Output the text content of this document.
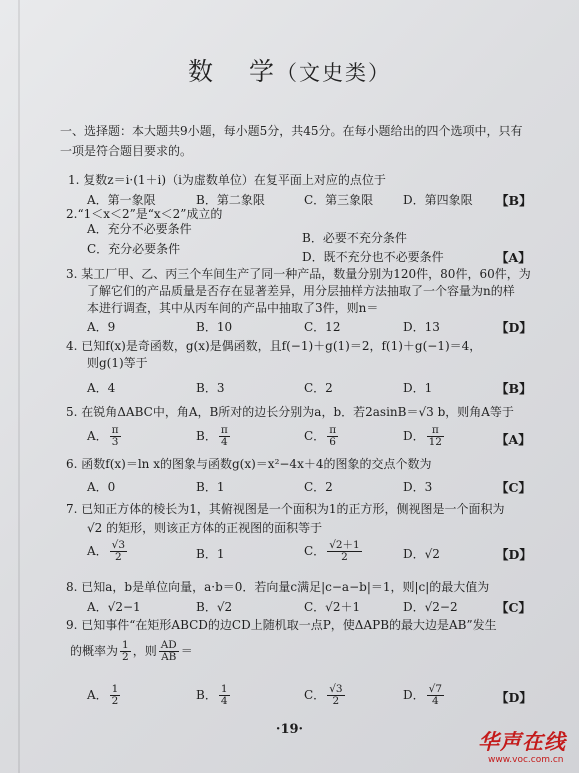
数 学（文史类）
一、选择题：本大题共9小题，每小题5分，共45分。在每小题给出的四个选项中，只有
一项是符合题目要求的。
1. 复数z＝i·(1＋i)（i为虚数单位）在复平面上对应的点位于
A．第一象限	B．第二象限	C．第三象限 D．第四象限 【B】
2.“1＜x＜2”是“x＜2”成立的
A．充分不必要条件
B．必要不充分条件
C．充分必要条件
D．既不充分也不必要条件	【A】
3. 某工厂甲、乙、丙三个车间生产了同一种产品，数量分别为120件，80件，60件，为
了解它们的产品质量是否存在显著差异，用分层抽样方法抽取了一个容量为n的样
本进行调查，其中从丙车间的产品中抽取了3件，则n＝
A．9	B．10	C．12	D．13	【D】
4. 已知f(x)是奇函数，g(x)是偶函数，且f(−1)＋g(1)＝2，f(1)＋g(−1)＝4，
则g(1)等于
A．4	B．3	C．2	D．1	【B】
5. 在锐角ΔABC中，角A，B所对的边长分别为a，b．若2asinB＝√3 b，则角A等于
A． $\frac{\pi}{3}$	B． $\frac{\pi}{4}$	C． $\frac{\pi}{6}$	D． $\frac{\pi}{12}$	【A】
6. 函数f(x)＝ln x的图象与函数g(x)＝x²−4x＋4的图象的交点个数为
A．0	B．1	C．2	D．3	【C】
7. 已知正方体的棱长为1，其俯视图是一个面积为1的正方形，侧视图是一个面积为
√2 的矩形，则该正方体的正视图的面积等于
A． $\frac{√3}{2}$	B．1	C． $\frac{√2+1}{2}$	D．√2	【D】
8. 已知a，b是单位向量，a·b＝0．若向量c满足|c−a−b|＝1，则|c|的最大值为
A．√2−1	B．√2	C．√2＋1	D．√2−2	【C】
9. 已知事件“在矩形ABCD的边CD上随机取一点P，使ΔAPB的最大边是AB”发生
的概率为 $\frac{1}{2}$ ，则 $\frac{AD}{AB}$ ＝
A． $\frac{1}{2}$	B． $\frac{1}{4}$	C． $\frac{√3}{2}$	D． $\frac{√7}{4}$	【D】
·19·	华声在线
www.voc.com.cn
